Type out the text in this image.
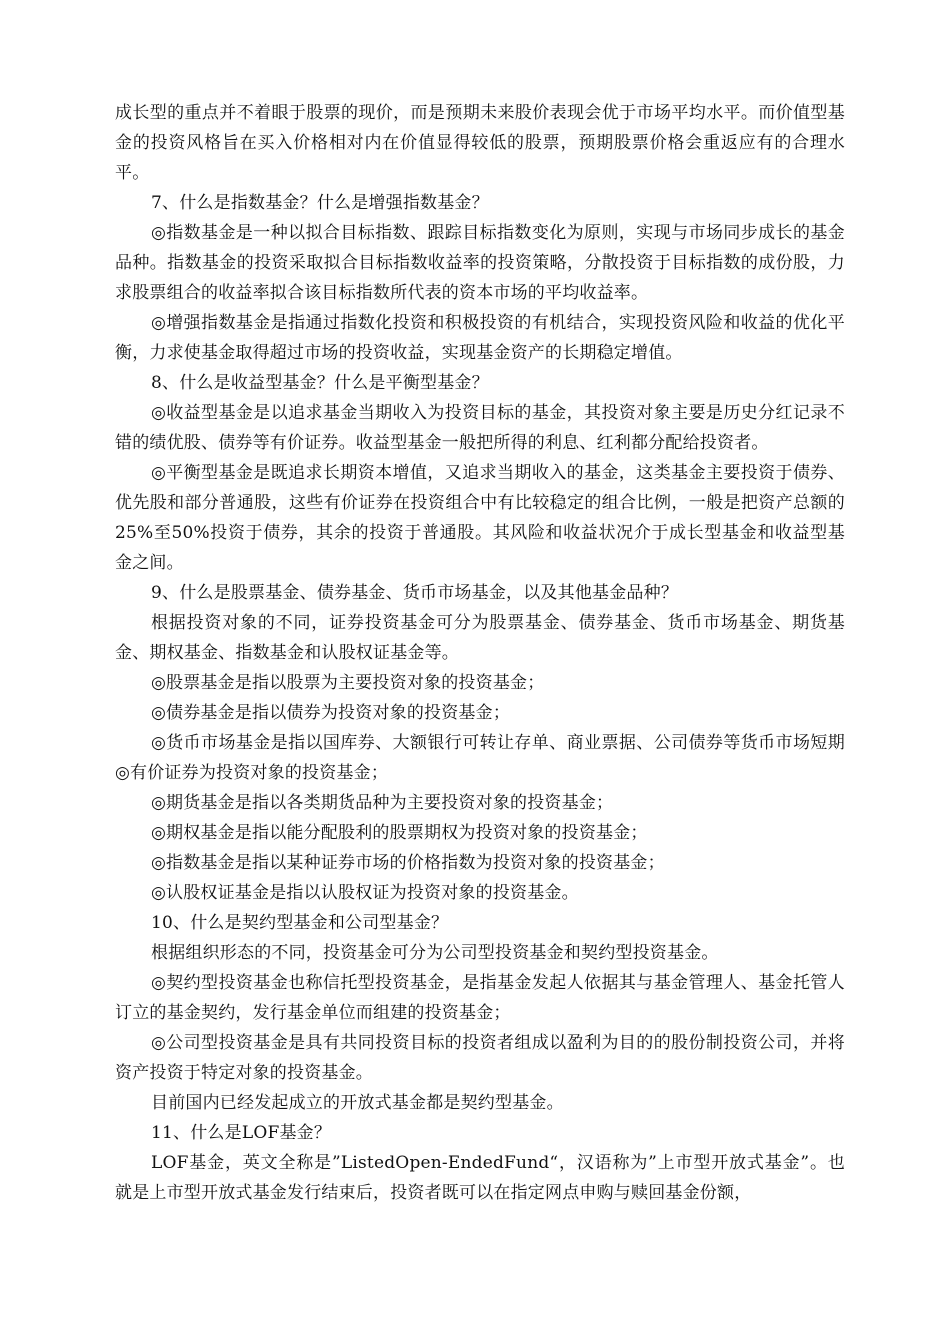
成长型的重点并不着眼于股票的现价，而是预期未来股价表现会优于市场平均水平。而价值型基金的投资风格旨在买入价格相对内在价值显得较低的股票，预期股票价格会重返应有的合理水平。

7、什么是指数基金？什么是增强指数基金？

◎指数基金是一种以拟合目标指数、跟踪目标指数变化为原则，实现与市场同步成长的基金品种。指数基金的投资采取拟合目标指数收益率的投资策略，分散投资于目标指数的成份股，力求股票组合的收益率拟合该目标指数所代表的资本市场的平均收益率。

◎增强指数基金是指通过指数化投资和积极投资的有机结合，实现投资风险和收益的优化平衡，力求使基金取得超过市场的投资收益，实现基金资产的长期稳定增值。

8、什么是收益型基金？什么是平衡型基金？

◎收益型基金是以追求基金当期收入为投资目标的基金，其投资对象主要是历史分红记录不错的绩优股、债券等有价证券。收益型基金一般把所得的利息、红利都分配给投资者。

◎平衡型基金是既追求长期资本增值，又追求当期收入的基金，这类基金主要投资于债券、优先股和部分普通股，这些有价证券在投资组合中有比较稳定的组合比例，一般是把资产总额的25%至50%投资于债券，其余的投资于普通股。其风险和收益状况介于成长型基金和收益型基金之间。

9、什么是股票基金、债券基金、货币市场基金，以及其他基金品种？

根据投资对象的不同，证券投资基金可分为股票基金、债券基金、货币市场基金、期货基金、期权基金、指数基金和认股权证基金等。

◎股票基金是指以股票为主要投资对象的投资基金；

◎债券基金是指以债券为投资对象的投资基金；

◎货币市场基金是指以国库券、大额银行可转让存单、商业票据、公司债券等货币市场短期◎有价证券为投资对象的投资基金；

◎期货基金是指以各类期货品种为主要投资对象的投资基金；

◎期权基金是指以能分配股利的股票期权为投资对象的投资基金；

◎指数基金是指以某种证券市场的价格指数为投资对象的投资基金；

◎认股权证基金是指以认股权证为投资对象的投资基金。

10、什么是契约型基金和公司型基金？

根据组织形态的不同，投资基金可分为公司型投资基金和契约型投资基金。

◎契约型投资基金也称信托型投资基金，是指基金发起人依据其与基金管理人、基金托管人订立的基金契约，发行基金单位而组建的投资基金；

◎公司型投资基金是具有共同投资目标的投资者组成以盈利为目的的股份制投资公司，并将资产投资于特定对象的投资基金。

目前国内已经发起成立的开放式基金都是契约型基金。

11、什么是LOF基金？

LOF基金，英文全称是”ListedOpen-EndedFund“，汉语称为”上市型开放式基金”。也就是上市型开放式基金发行结束后，投资者既可以在指定网点申购与赎回基金份额，
